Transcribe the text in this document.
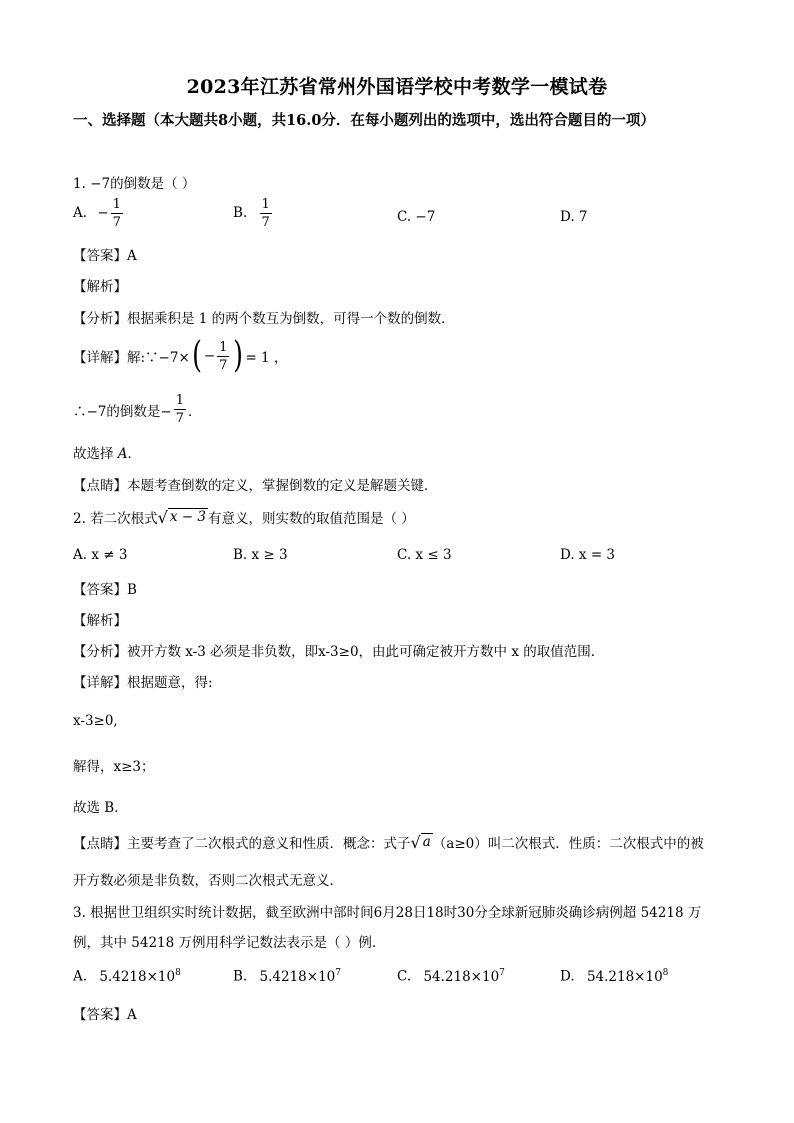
2023年江苏省常州外国语学校中考数学一模试卷
一、选择题（本大题共8小题，共16.0分．在每小题列出的选项中，选出符合题目的一项）
1. −7的倒数是（ ）
A. − $\frac{1}{7}$	B. $\frac{1}{7}$	C. −7	D. 7
【答案】A
【解析】
【分析】根据乘积是 1 的两个数互为倒数，可得一个数的倒数．
【详解】解:∵−7× ( − $\frac{1}{7}$ ) = 1 ，
∴−7的倒数是− $\frac{1}{7}$ ．
故选择 A．
【点睛】本题考查倒数的定义，掌握倒数的定义是解题关键．
2. 若二次根式 √ x − 3 有意义，则实数的取值范围是（ ）
A. x ≠ 3	B. x ≥ 3	C. x ≤ 3	D. x = 3
【答案】B
【解析】
【分析】被开方数 x-3 必须是非负数，即x-3≥0，由此可确定被开方数中 x 的取值范围.
【详解】根据题意，得:
x-3≥0,
解得，x≥3；
故选 B．
【点睛】主要考查了二次根式的意义和性质．概念：式子 √ a （a≥0）叫二次根式．性质：二次根式中的被
开方数必须是非负数，否则二次根式无意义．
3. 根据世卫组织实时统计数据，截至欧洲中部时间6月28日18时30分全球新冠肺炎确诊病例超 54218 万
例，其中 54218 万例用科学记数法表示是（ ）例.
A. $5.4218\times 10^8$	B. $5.4218\times 10^7$	C. $54.218\times 10^7$	D. $54.218\times 10^8$
【答案】A
